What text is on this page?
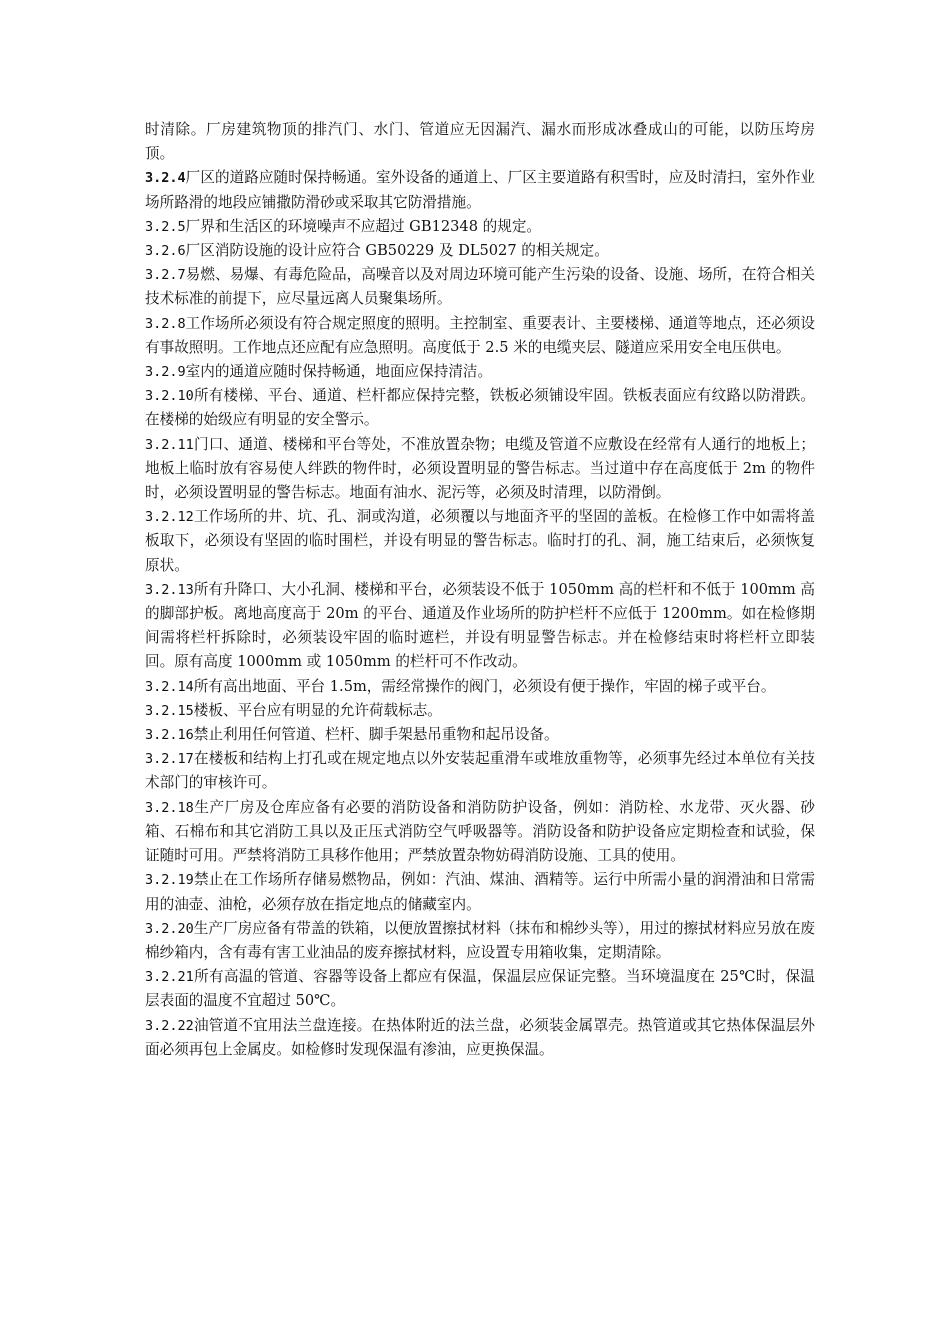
时清除。厂房建筑物顶的排汽门、水门、管道应无因漏汽、漏水而形成冰叠成山的可能，以防压垮房顶。

3.2.4厂区的道路应随时保持畅通。室外设备的通道上、厂区主要道路有积雪时，应及时清扫，室外作业场所路滑的地段应铺撒防滑砂或采取其它防滑措施。

3.2.5厂界和生活区的环境噪声不应超过 GB12348 的规定。

3.2.6厂区消防设施的设计应符合 GB50229 及 DL5027 的相关规定。

3.2.7易燃、易爆、有毒危险品，高噪音以及对周边环境可能产生污染的设备、设施、场所，在符合相关技术标准的前提下，应尽量远离人员聚集场所。

3.2.8工作场所必须设有符合规定照度的照明。主控制室、重要表计、主要楼梯、通道等地点，还必须设有事故照明。工作地点还应配有应急照明。高度低于 2.5 米的电缆夹层、隧道应采用安全电压供电。

3.2.9室内的通道应随时保持畅通，地面应保持清洁。

3.2.10所有楼梯、平台、通道、栏杆都应保持完整，铁板必须铺设牢固。铁板表面应有纹路以防滑跌。在楼梯的始级应有明显的安全警示。

3.2.11门口、通道、楼梯和平台等处，不准放置杂物；电缆及管道不应敷设在经常有人通行的地板上；地板上临时放有容易使人绊跌的物件时，必须设置明显的警告标志。当过道中存在高度低于 2m 的物件时，必须设置明显的警告标志。地面有油水、泥污等，必须及时清理，以防滑倒。

3.2.12工作场所的井、坑、孔、洞或沟道，必须覆以与地面齐平的坚固的盖板。在检修工作中如需将盖板取下，必须设有坚固的临时围栏，并设有明显的警告标志。临时打的孔、洞，施工结束后，必须恢复原状。

3.2.13所有升降口、大小孔洞、楼梯和平台，必须装设不低于 1050mm 高的栏杆和不低于 100mm 高的脚部护板。离地高度高于 20m 的平台、通道及作业场所的防护栏杆不应低于 1200mm。如在检修期间需将栏杆拆除时，必须装设牢固的临时遮栏，并设有明显警告标志。并在检修结束时将栏杆立即装回。原有高度 1000mm 或 1050mm 的栏杆可不作改动。

3.2.14所有高出地面、平台 1.5m，需经常操作的阀门，必须设有便于操作，牢固的梯子或平台。

3.2.15楼板、平台应有明显的允许荷载标志。

3.2.16禁止利用任何管道、栏杆、脚手架悬吊重物和起吊设备。

3.2.17在楼板和结构上打孔或在规定地点以外安装起重滑车或堆放重物等，必须事先经过本单位有关技术部门的审核许可。

3.2.18生产厂房及仓库应备有必要的消防设备和消防防护设备，例如：消防栓、水龙带、灭火器、砂箱、石棉布和其它消防工具以及正压式消防空气呼吸器等。消防设备和防护设备应定期检查和试验，保证随时可用。严禁将消防工具移作他用；严禁放置杂物妨碍消防设施、工具的使用。

3.2.19禁止在工作场所存储易燃物品，例如：汽油、煤油、酒精等。运行中所需小量的润滑油和日常需用的油壶、油枪，必须存放在指定地点的储藏室内。

3.2.20生产厂房应备有带盖的铁箱，以便放置擦拭材料（抹布和棉纱头等），用过的擦拭材料应另放在废棉纱箱内，含有毒有害工业油品的废弃擦拭材料，应设置专用箱收集，定期清除。

3.2.21所有高温的管道、容器等设备上都应有保温，保温层应保证完整。当环境温度在 25℃时，保温层表面的温度不宜超过 50℃。

3.2.22油管道不宜用法兰盘连接。在热体附近的法兰盘，必须装金属罩壳。热管道或其它热体保温层外面必须再包上金属皮。如检修时发现保温有渗油，应更换保温。
